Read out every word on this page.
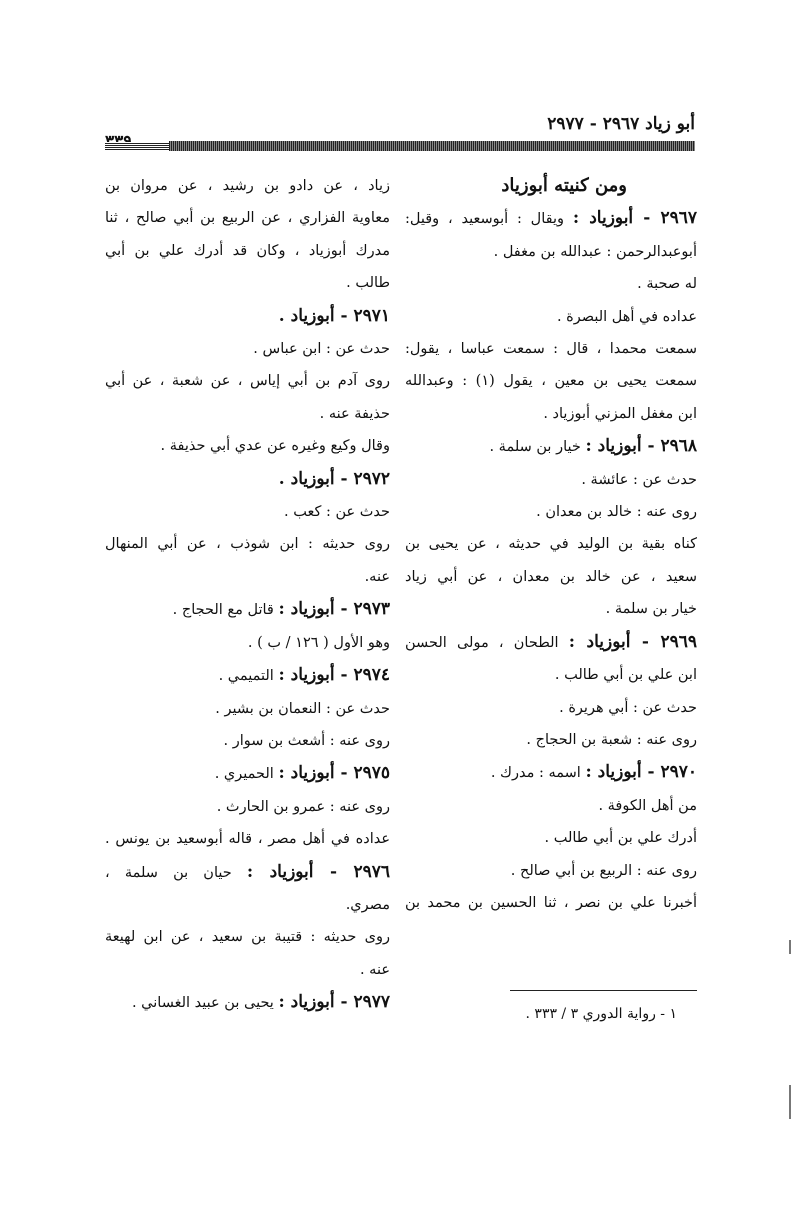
أبو زياد ٢٩٦٧ - ٢٩٧٧

ومن كنيته أبوزياد

٢٩٦٧ - أبوزياد : ويقال : أبوسعيد ، وقيل:

أبوعبدالرحمن : عبدالله بن مغفل .

له صحبة .

عداده في أهل البصرة .

سمعت محمدا ، قال : سمعت عباسا ، يقول:

سمعت يحيى بن معين ، يقول (١) : وعبدالله

ابن مغفل المزني أبوزياد .

٢٩٦٨ - أبوزياد : خيار بن سلمة .

حدث عن : عائشة .

روى عنه : خالد بن معدان .

كناه بقية بن الوليد في حديثه ، عن يحيى بن

سعيد ، عن خالد بن معدان ، عن أبي زياد

خيار بن سلمة .

٢٩٦٩ - أبوزياد : الطحان ، مولى الحسن

ابن علي بن أبي طالب .

حدث عن : أبي هريرة .

روى عنه : شعبة بن الحجاج .

٢٩٧٠ - أبوزياد : اسمه : مدرك .

من أهل الكوفة .

أدرك علي بن أبي طالب .

روى عنه : الربيع بن أبي صالح .

أخبرنا علي بن نصر ، ثنا الحسين بن محمد بن

زياد ، عن دادو بن رشيد ، عن مروان بن

معاوية الفزاري ، عن الربيع بن أبي صالح ، ثنا

مدرك أبوزياد ، وكان قد أدرك علي بن أبي

طالب .

٢٩٧١ - أبوزياد .

حدث عن : ابن عباس .

روى آدم بن أبي إياس ، عن شعبة ، عن أبي

حذيفة عنه .

وقال وكيع وغيره عن عدي أبي حذيفة .

٢٩٧٢ - أبوزياد .

حدث عن : كعب .

روى حديثه : ابن شوذب ، عن أبي المنهال

عنه.

٢٩٧٣ - أبوزياد : قاتل مع الحجاج .

وهو الأول ( ١٢٦ / ب ) .

٢٩٧٤ - أبوزياد : التميمي .

حدث عن : النعمان بن بشير .

روى عنه : أشعث بن سوار .

٢٩٧٥ - أبوزياد : الحميري .

روى عنه : عمرو بن الحارث .

عداده في أهل مصر ، قاله أبوسعيد بن يونس .

٢٩٧٦ - أبوزياد : حيان بن سلمة ،

مصري.

روى حديثه : قتيبة بن سعيد ، عن ابن لهيعة

عنه .

٢٩٧٧ - أبوزياد : يحيى بن عبيد الغساني .

١ - رواية الدوري ٣ / ٣٣٣ .
